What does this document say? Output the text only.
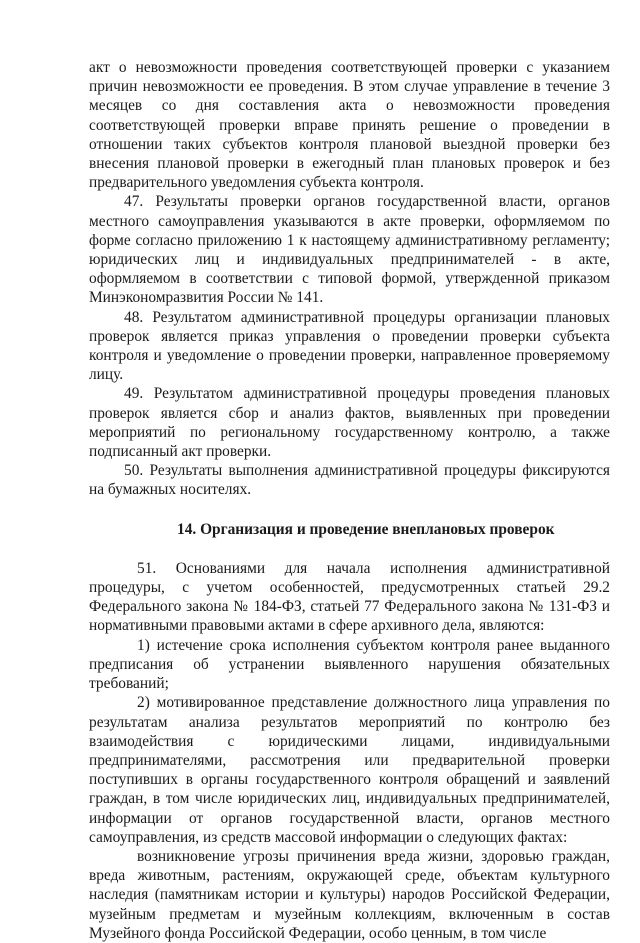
акт о невозможности проведения соответствующей проверки с указанием причин невозможности ее проведения. В этом случае управление в течение 3 месяцев со дня составления акта о невозможности проведения соответствующей проверки вправе принять решение о проведении в отношении таких субъектов контроля плановой выездной проверки без внесения плановой проверки в ежегодный план плановых проверок и без предварительного уведомления субъекта контроля.

47. Результаты проверки органов государственной власти, органов местного самоуправления указываются в акте проверки, оформляемом по форме согласно приложению 1 к настоящему административному регламенту; юридических лиц и индивидуальных предпринимателей - в акте, оформляемом в соответствии с типовой формой, утвержденной приказом Минэкономразвития России № 141.

48. Результатом административной процедуры организации плановых проверок является приказ управления о проведении проверки субъекта контроля и уведомление о проведении проверки, направленное проверяемому лицу.

49. Результатом административной процедуры проведения плановых проверок является сбор и анализ фактов, выявленных при проведении мероприятий по региональному государственному контролю, а также подписанный акт проверки.

50. Результаты выполнения административной процедуры фиксируются на бумажных носителях.

14. Организация и проведение внеплановых проверок

51. Основаниями для начала исполнения административной процедуры, с учетом особенностей, предусмотренных статьей 29.2 Федерального закона № 184-ФЗ, статьей 77 Федерального закона № 131-ФЗ и нормативными правовыми актами в сфере архивного дела, являются:

1) истечение срока исполнения субъектом контроля ранее выданного предписания об устранении выявленного нарушения обязательных требований;

2) мотивированное представление должностного лица управления по результатам анализа результатов мероприятий по контролю без взаимодействия с юридическими лицами, индивидуальными предпринимателями, рассмотрения или предварительной проверки поступивших в органы государственного контроля обращений и заявлений граждан, в том числе юридических лиц, индивидуальных предпринимателей, информации от органов государственной власти, органов местного самоуправления, из средств массовой информации о следующих фактах:

возникновение угрозы причинения вреда жизни, здоровью граждан, вреда животным, растениям, окружающей среде, объектам культурного наследия (памятникам истории и культуры) народов Российской Федерации, музейным предметам и музейным коллекциям, включенным в состав Музейного фонда Российской Федерации, особо ценным, в том числе
